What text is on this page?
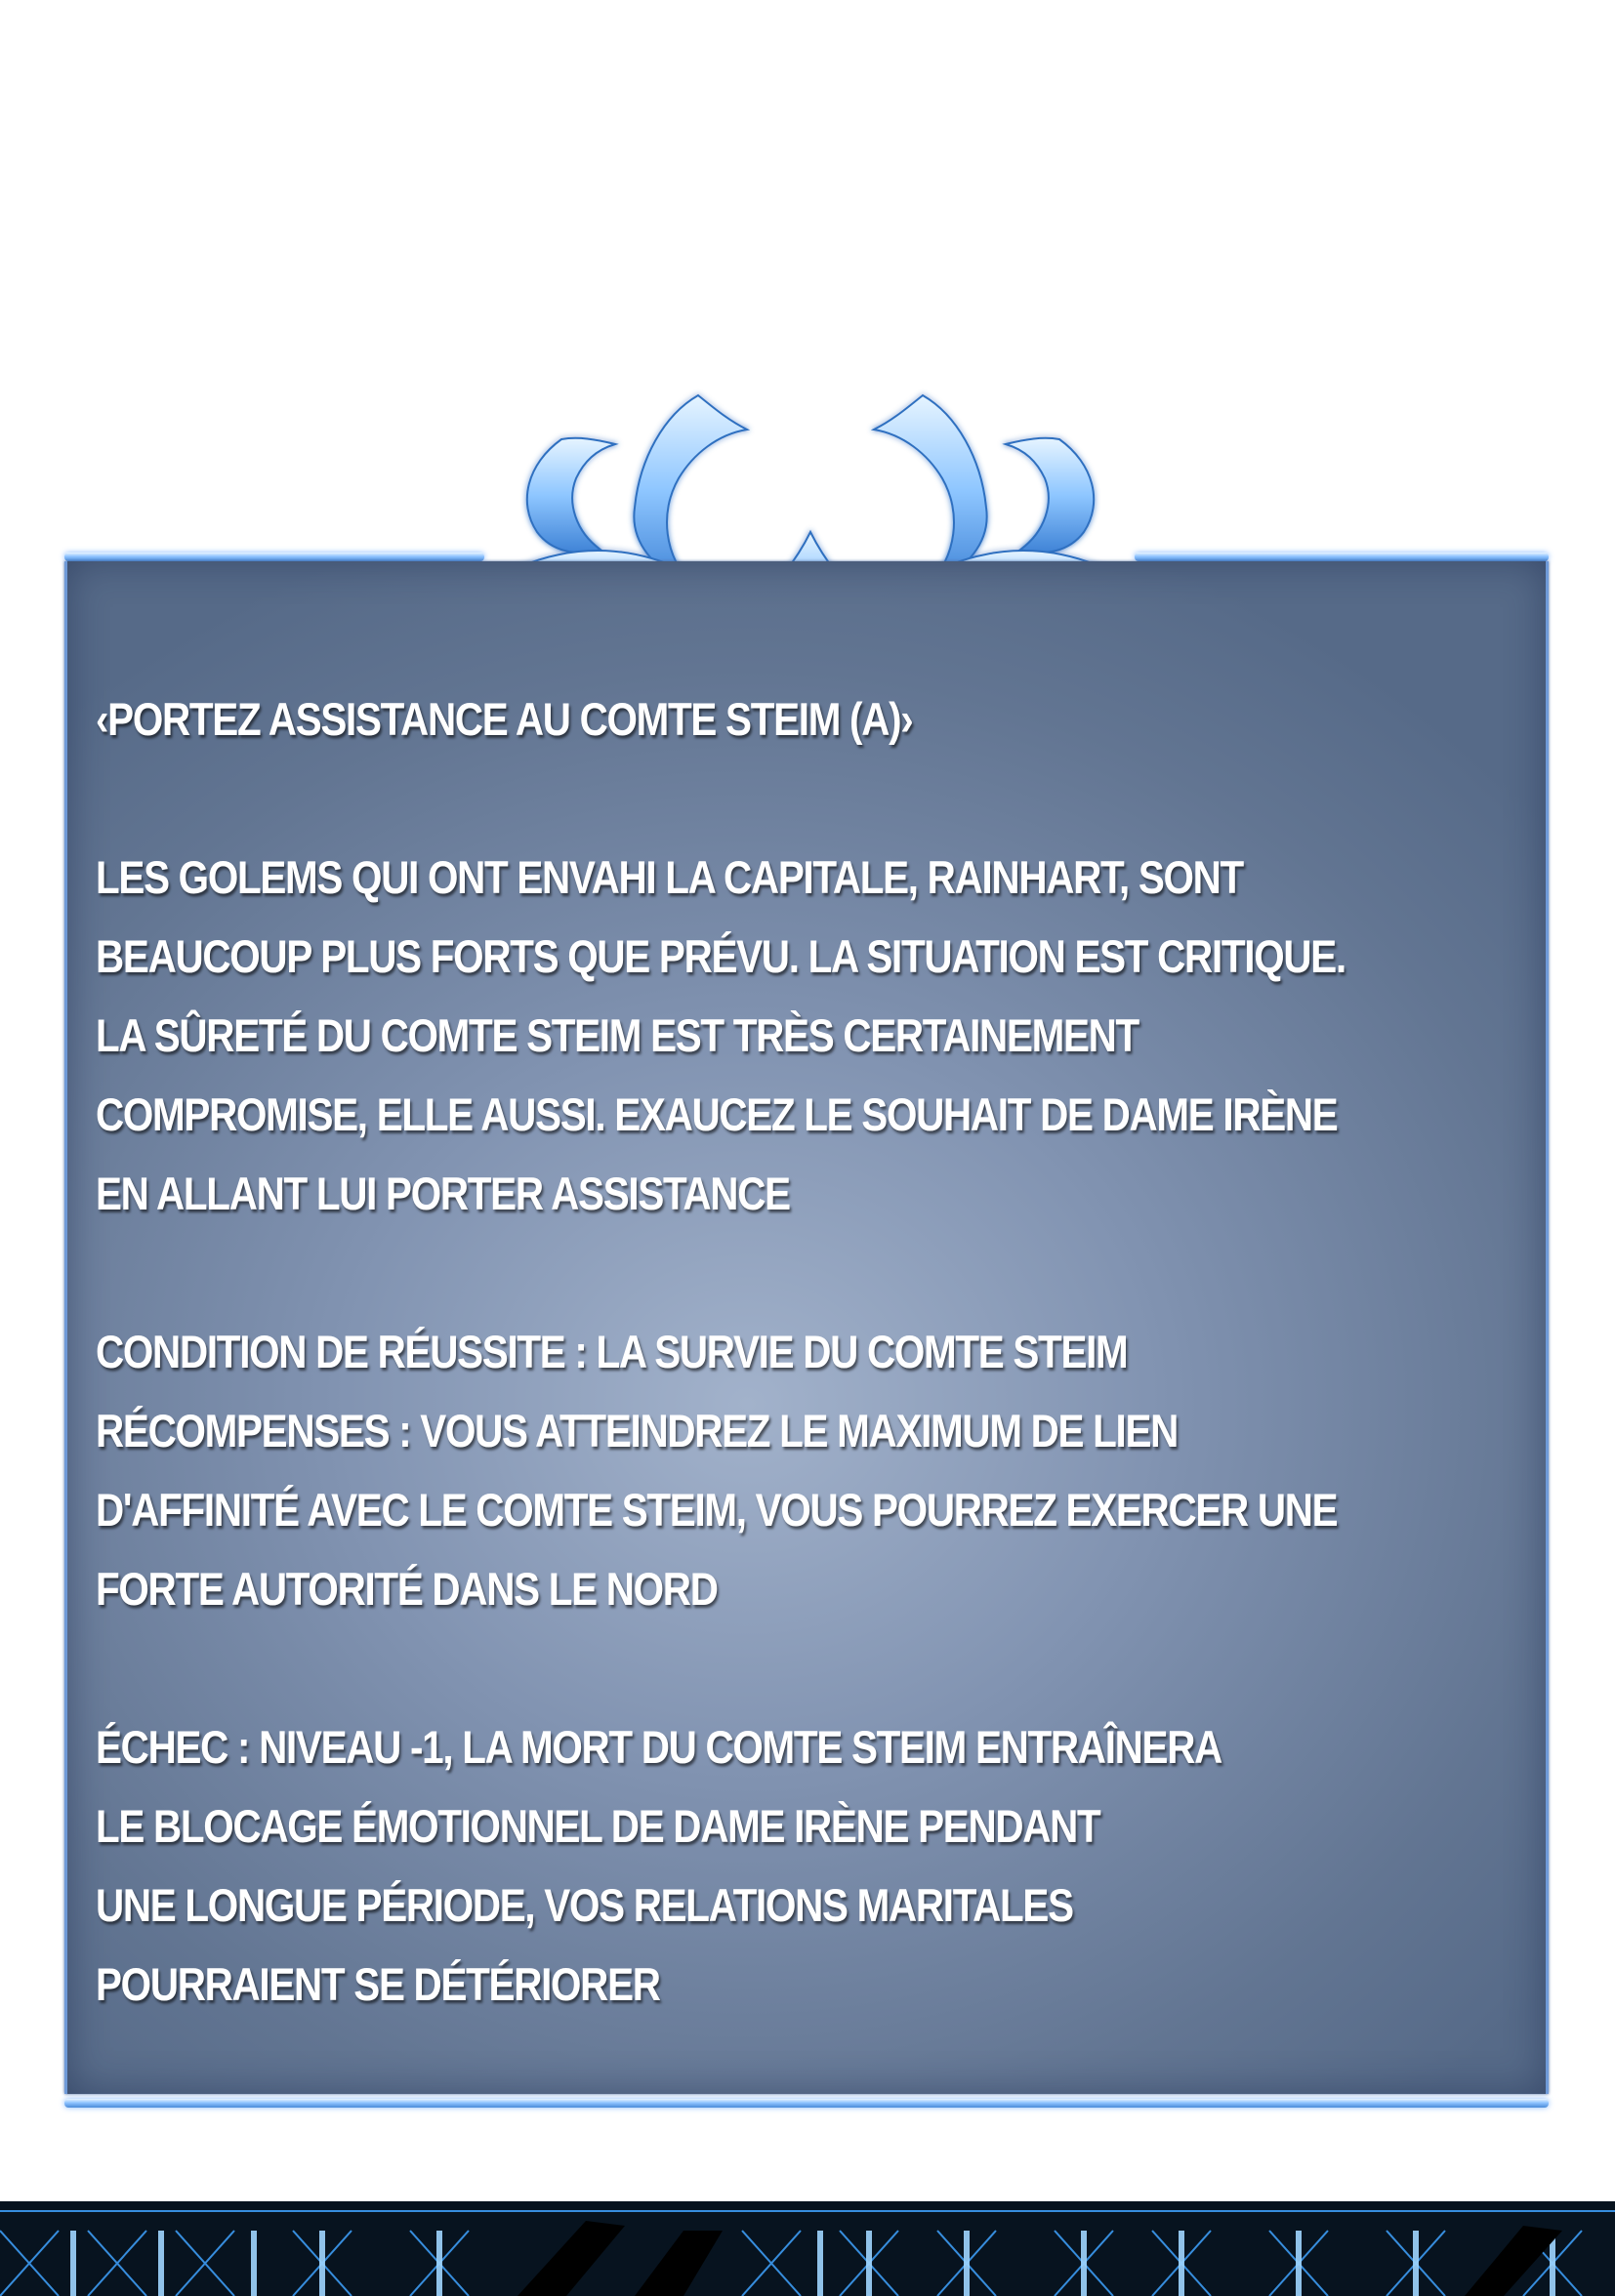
‹PORTEZ ASSISTANCE AU COMTE STEIM (A)›
LES GOLEMS QUI ONT ENVAHI LA CAPITALE, RAINHART, SONT
BEAUCOUP PLUS FORTS QUE PRÉVU. LA SITUATION EST CRITIQUE.
LA SÛRETÉ DU COMTE STEIM EST TRÈS CERTAINEMENT
COMPROMISE, ELLE AUSSI. EXAUCEZ LE SOUHAIT DE DAME IRÈNE
EN ALLANT LUI PORTER ASSISTANCE
CONDITION DE RÉUSSITE : LA SURVIE DU COMTE STEIM
RÉCOMPENSES : VOUS ATTEINDREZ LE MAXIMUM DE LIEN
D'AFFINITÉ AVEC LE COMTE STEIM, VOUS POURREZ EXERCER UNE
FORTE AUTORITÉ DANS LE NORD
ÉCHEC : NIVEAU -1, LA MORT DU COMTE STEIM ENTRAÎNERA
LE BLOCAGE ÉMOTIONNEL DE DAME IRÈNE PENDANT
UNE LONGUE PÉRIODE, VOS RELATIONS MARITALES
POURRAIENT SE DÉTÉRIORER
